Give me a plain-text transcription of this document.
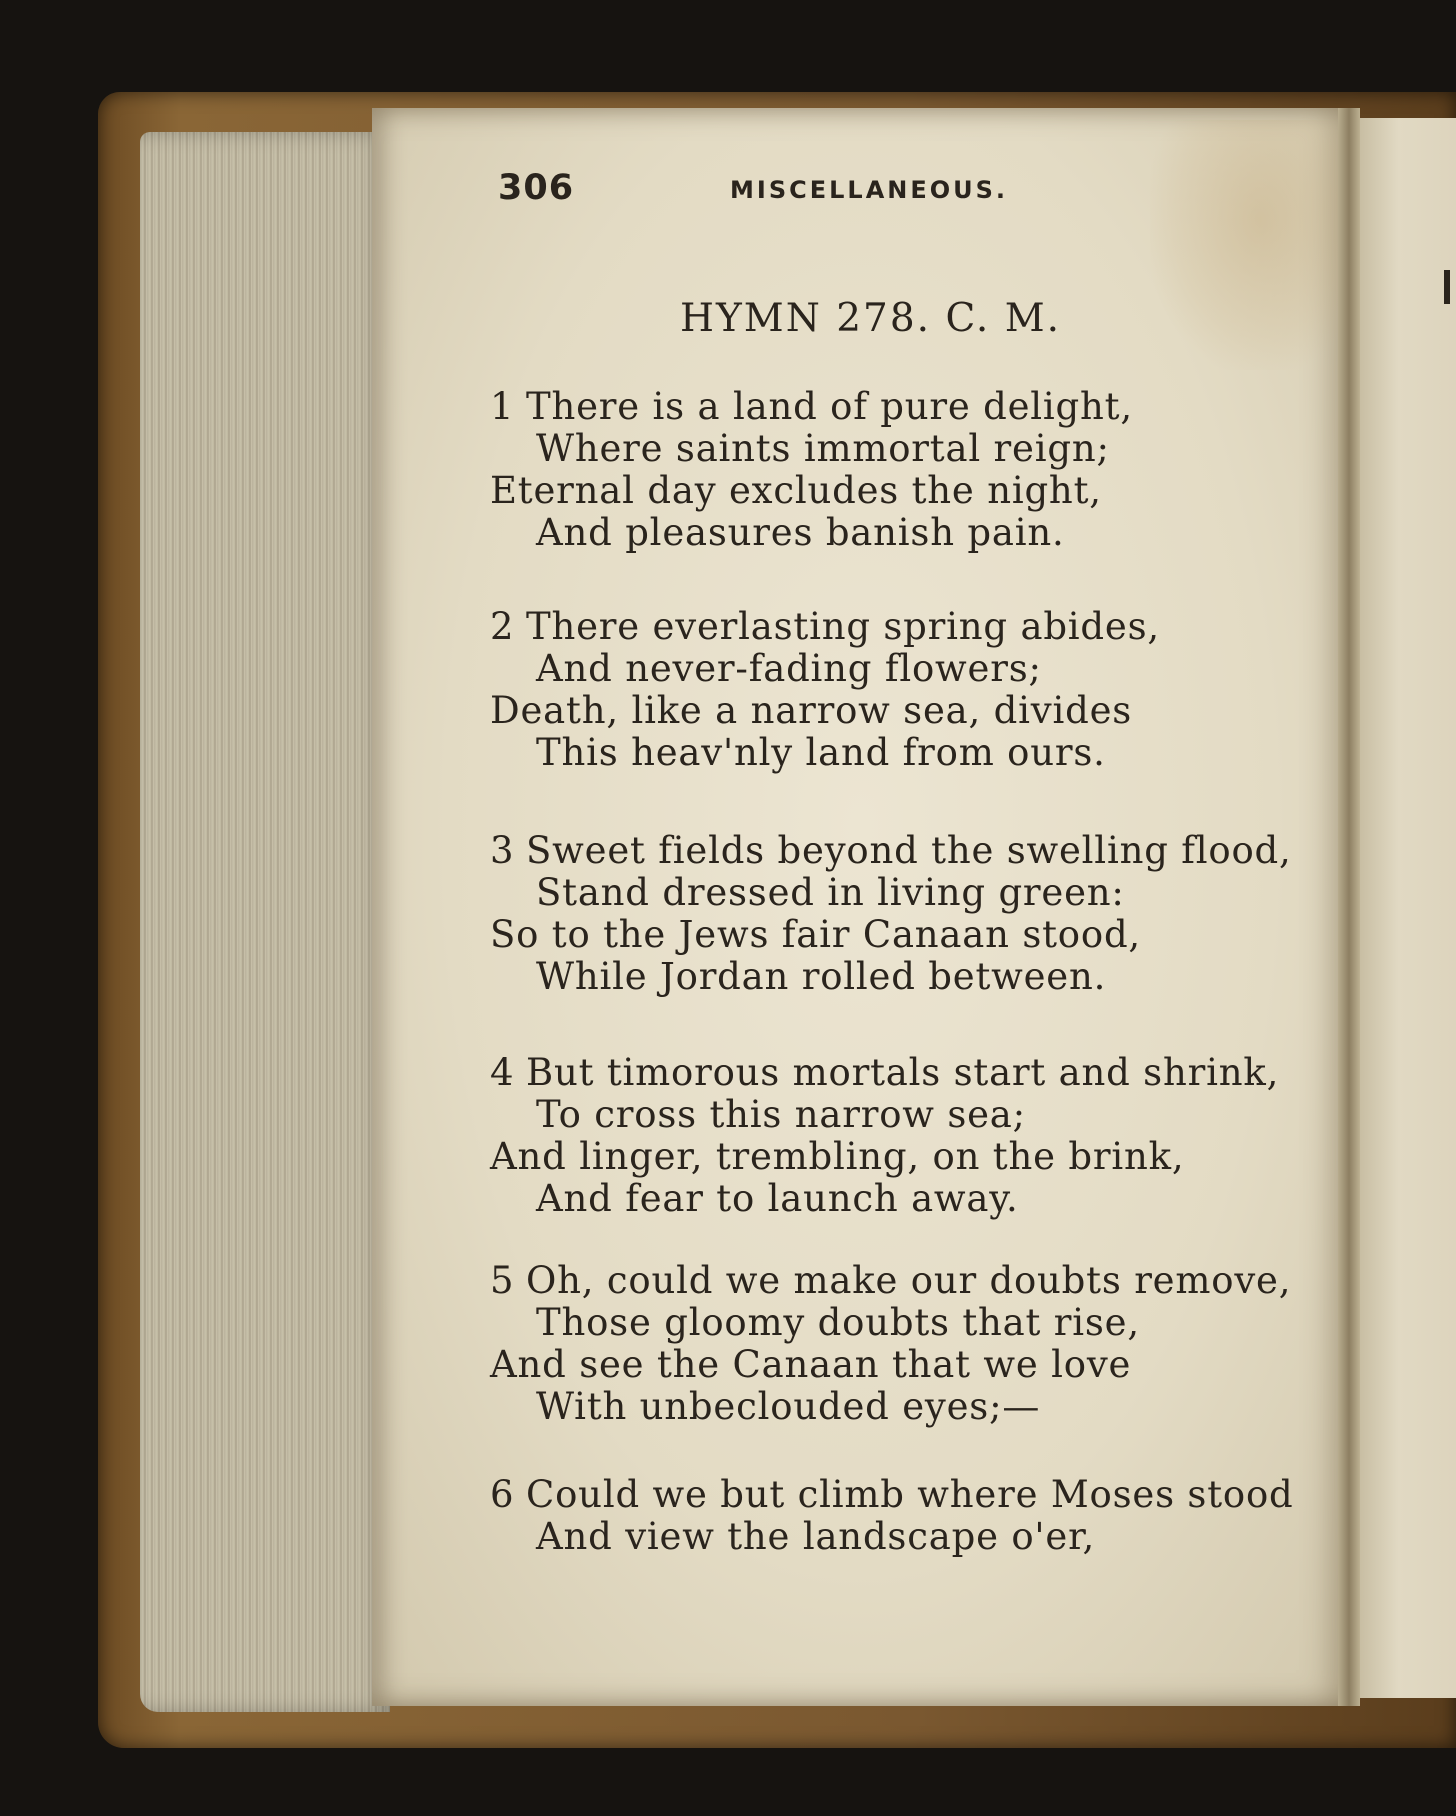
306	MISCELLANEOUS.
HYMN 278. C. M.
1 There is a land of pure delight,
Where saints immortal reign;
Eternal day excludes the night,
And pleasures banish pain.
2 There everlasting spring abides,
And never-fading flowers;
Death, like a narrow sea, divides
This heav'nly land from ours.
3 Sweet fields beyond the swelling flood,
Stand dressed in living green:
So to the Jews fair Canaan stood,
While Jordan rolled between.
4 But timorous mortals start and shrink,
To cross this narrow sea;
And linger, trembling, on the brink,
And fear to launch away.
5 Oh, could we make our doubts remove,
Those gloomy doubts that rise,
And see the Canaan that we love
With unbeclouded eyes;—
6 Could we but climb where Moses stood
And view the landscape o'er,
